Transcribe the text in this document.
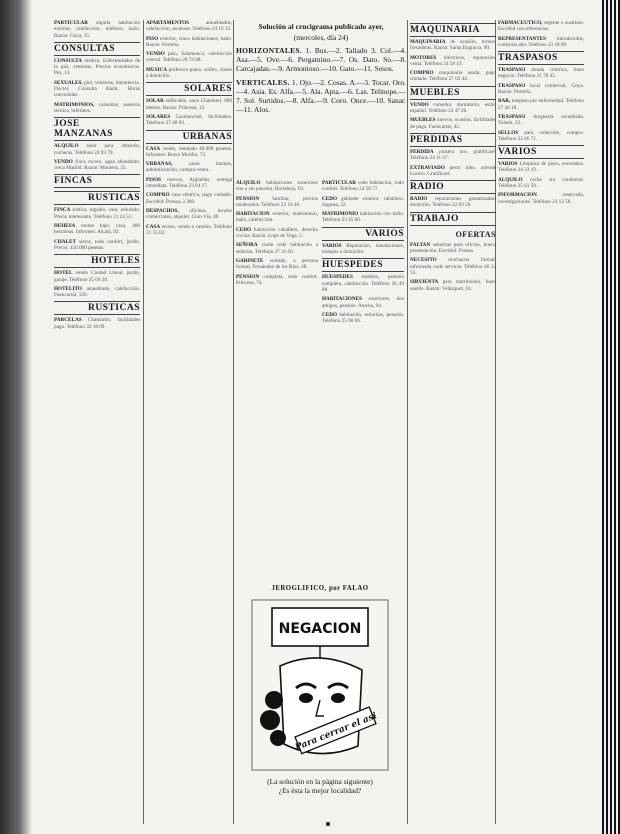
PARTICULAR alquila habitación exterior, calefacción, teléfono, baño. Razón: Goya, 35.
CONSULTAS
CONSULTA médica. Enfermedades de la piel, venéreas. Precios económicos. Pez, 14.
SEXUALES, piel, venéreas, impotencia. Doctor. Consulta diaria. Horas convenidas.
MATRIMONIOS, consultas, asesoría técnica, informes.
JOSE MANZANAS
ALQUILO solar para almacén, cocheras. Teléfono 24 93 70.
VENDO finca recreo, agua abundante, cerca Madrid. Razón: Montera, 32.
FINCAS
RUSTICAS
FINCA rústica, regadío, casa, arbolado. Precio interesante. Teléfono 21 24 51.
DEHESA monte bajo, caza, 400 hectáreas. Informes: Alcalá, 92.
CHALET sierra, todo confort, jardín. Precio: 450.000 pesetas.
HOTELES
HOTEL vendo Ciudad Lineal, jardín, garaje. Teléfono 25 66 20.
HOTELITO amueblado, calefacción. Fuencarral, 120.
RUSTICAS
PARCELAS Chamartín, facilidades pago. Teléfono 33 18 09.
APARTAMENTOS	amueblados, calefacción, ascensor. Teléfono 24 10 33.
PISO exterior, cinco habitaciones, baño. Razón: Portería.
VENDO piso, Salamanca, calefacción central. Teléfono 26 74 88.
MUSICA profesora piano, solfeo, clases a domicilio.
SOLARES
SOLAR edificable, zona Chamberí, 800 metros. Razón: Princesa, 12.
SOLARES Carabanchel, facilidades. Teléfono 27 48 93.
URBANAS
CASA vendo, rentando 40.000 pesetas. Informes: Bravo Murillo, 72.
URBANAS,	casas baratas, administración, compra-venta.
PISOS nuevos, Argüelles, entrega inmediata. Teléfono 23 64 17.
COMPRO casa céntrica, pago contado. Escribid: Prensa, 2.300.
DESPACHOS, oficinas, locales comerciales, alquiler. Gran Vía, 40.
CASA recreo, vendo o cambio. Teléfono 21 35 02.
Solución al crucigrama publicado ayer,
(mercoles, día 24)
HORIZONTALES. 1. Bus.—2. Tallado 3. Col.—4. Asa.—5. Ove.—6. Pergamino.—7. Os. Dato. So.—8. Carcajadas.—9. Armonioso.—10. Gato.—11. Sesos.
VERTICALES. 1. Ojo.—2. Cosas. A.—3. Tocar. Oro.—4. Asia. Es. Alfa.—5. Ala. Apta.—6. Las. Telinope.—7. Sol. Surtidos.—8. Alfa.—9. Coro. Once.—10. Sanar.—11. Alos.
ALQUILO habitaciones exteriores con o sin pensión. Hortaleza, 19.
PENSION	familiar, precios moderados. Teléfono 22 18 46.
HABITACION exterior, matrimonio, baño, calefacción.
CEDO habitación caballero, derecho cocina. Razón: Lope de Vega, 5.
SEÑORA viuda cede habitación a señorita. Teléfono 27 31 60.
GABINETE soleado, a persona formal. Fernández de los Ríos, 48.
PENSION completa, todo confort. Princesa, 74.
PARTICULAR cede habitación, todo confort. Teléfono 24 58 77.
CEDO gabinete exterior, caballero. Sagasta, 22.
MATRIMONIO habitación con baño. Teléfono 23 45 00.
VARIOS
VARIOS Reparación, instalaciones, trabajos a domicilio.
HUESPEDES
HUESPEDES estables, pensión completa, calefacción. Teléfono 26 49 88.
HABITACIONES exteriores, dos amigos, pensión. Atocha, 94.
CEDO habitación, señoritas, pensión. Teléfono 25 90 66.
JEROGLIFICO, por FALAO
NEGACION
Para cerrar el asi
(La solución en la página siguiente)
¿Es ésta la mejor localidad?
MAQUINARIA
MAQUINARIA de ocasión, tornos, fresadoras. Razón: Santa Engracia, 90.
MOTORES eléctricos, reparación, venta. Teléfono 24 58 19.
COMPRO maquinaria usada, pago contado. Teléfono 27 03 44.
MUEBLES
VENDO comedor, dormitorio, estilo español. Teléfono 33 47 20.
MUEBLES nuevos, ocasión, facilidades de pago. Fuencarral, 42.
PERDIDAS
PERDIDA pulsera oro, gratificaré. Teléfono 24 11 07.
EXTRAVIADO perro lobo, atiende Lucero. Gratificaré.
RADIO
RADIO reparaciones garantizadas, domicilio. Teléfono 22 83 50.
TRABAJO
OFERTAS
FALTAN señoritas para oficina, buena presentación. Escribid: Prensa.
NECESITO muchacha formal, informada, todo servicio. Teléfono 26 12 33.
SIRVIENTA para matrimonio, buen sueldo. Razón: Velázquez, 61.
FARMACEUTICO, regente o sustituto. Escribid con referencias.
REPRESENTANTES introducidos, comisión alta. Teléfono 23 18 99.
TRASPASOS
TRASPASO tienda céntrica, buen negocio. Teléfono 21 70 45.
TRASPASO local comercial, Goya. Razón: Portería.
BAR, traspaso por enfermedad. Teléfono 27 44 18.
TRASPASO droguería acreditada. Toledo, 33.
SELLOS para colección, compro. Teléfono 22 06 71.
VARIOS
VARIOS Limpieza de pisos, encerados. Teléfono 24 33 19.
ALQUILO coche sin conductor. Teléfono 25 61 50.
INFORMACION	reservada, investigaciones. Teléfono 23 12 58.
